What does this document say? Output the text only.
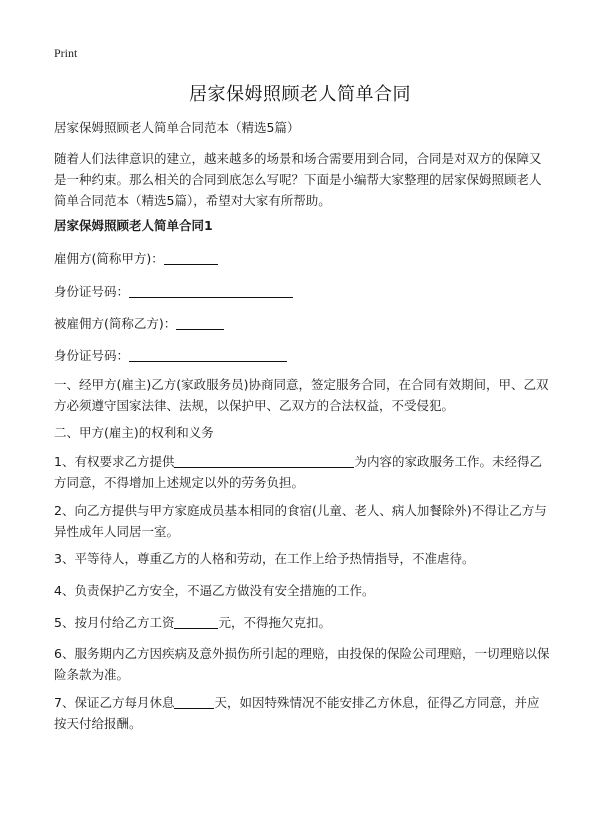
Print
居家保姆照顾老人简单合同
居家保姆照顾老人简单合同范本（精选5篇）
随着人们法律意识的建立，越来越多的场景和场合需要用到合同，合同是对双方的保障又是一种约束。那么相关的合同到底怎么写呢？下面是小编帮大家整理的居家保姆照顾老人简单合同范本（精选5篇），希望对大家有所帮助。
居家保姆照顾老人简单合同1
雇佣方(简称甲方)：
身份证号码：
被雇佣方(简称乙方)：
身份证号码：
一、经甲方(雇主)乙方(家政服务员)协商同意，签定服务合同，在合同有效期间，甲、乙双方必须遵守国家法律、法规，以保护甲、乙双方的合法权益，不受侵犯。
二、甲方(雇主)的权利和义务
1、有权要求乙方提供	为内容的家政服务工作。未经得乙方同意，不得增加上述规定以外的劳务负担。
2、向乙方提供与甲方家庭成员基本相同的食宿(儿童、老人、病人加餐除外)不得让乙方与异性成年人同居一室。
3、平等待人，尊重乙方的人格和劳动，在工作上给予热情指导，不准虐待。
4、负责保护乙方安全，不逼乙方做没有安全措施的工作。
5、按月付给乙方工资	元，不得拖欠克扣。
6、服务期内乙方因疾病及意外损伤所引起的理赔，由投保的保险公司理赔，一切理赔以保险条款为准。
7、保证乙方每月休息	天，如因特殊情况不能安排乙方休息，征得乙方同意，并应按天付给报酬。
